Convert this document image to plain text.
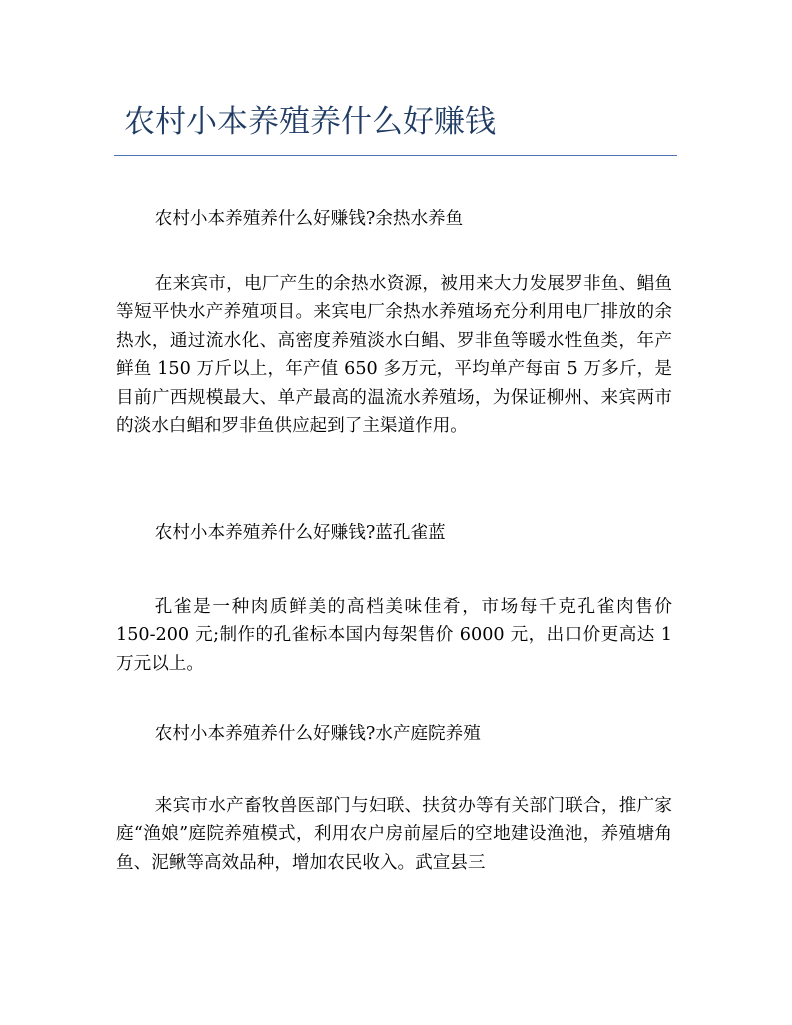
农村小本养殖养什么好赚钱

农村小本养殖养什么好赚钱?余热水养鱼

在来宾市，电厂产生的余热水资源，被用来大力发展罗非鱼、鲳鱼等短平快水产养殖项目。来宾电厂余热水养殖场充分利用电厂排放的余热水，通过流水化、高密度养殖淡水白鲳、罗非鱼等暖水性鱼类，年产鲜鱼 150 万斤以上，年产值 650 多万元，平均单产每亩 5 万多斤，是目前广西规模最大、单产最高的温流水养殖场，为保证柳州、来宾两市的淡水白鲳和罗非鱼供应起到了主渠道作用。

农村小本养殖养什么好赚钱?蓝孔雀蓝

孔雀是一种肉质鲜美的高档美味佳肴，市场每千克孔雀肉售价 150-200 元;制作的孔雀标本国内每架售价 6000 元，出口价更高达 1 万元以上。

农村小本养殖养什么好赚钱?水产庭院养殖

来宾市水产畜牧兽医部门与妇联、扶贫办等有关部门联合，推广家庭“渔娘”庭院养殖模式，利用农户房前屋后的空地建设渔池，养殖塘角鱼、泥鳅等高效品种，增加农民收入。武宣县三
